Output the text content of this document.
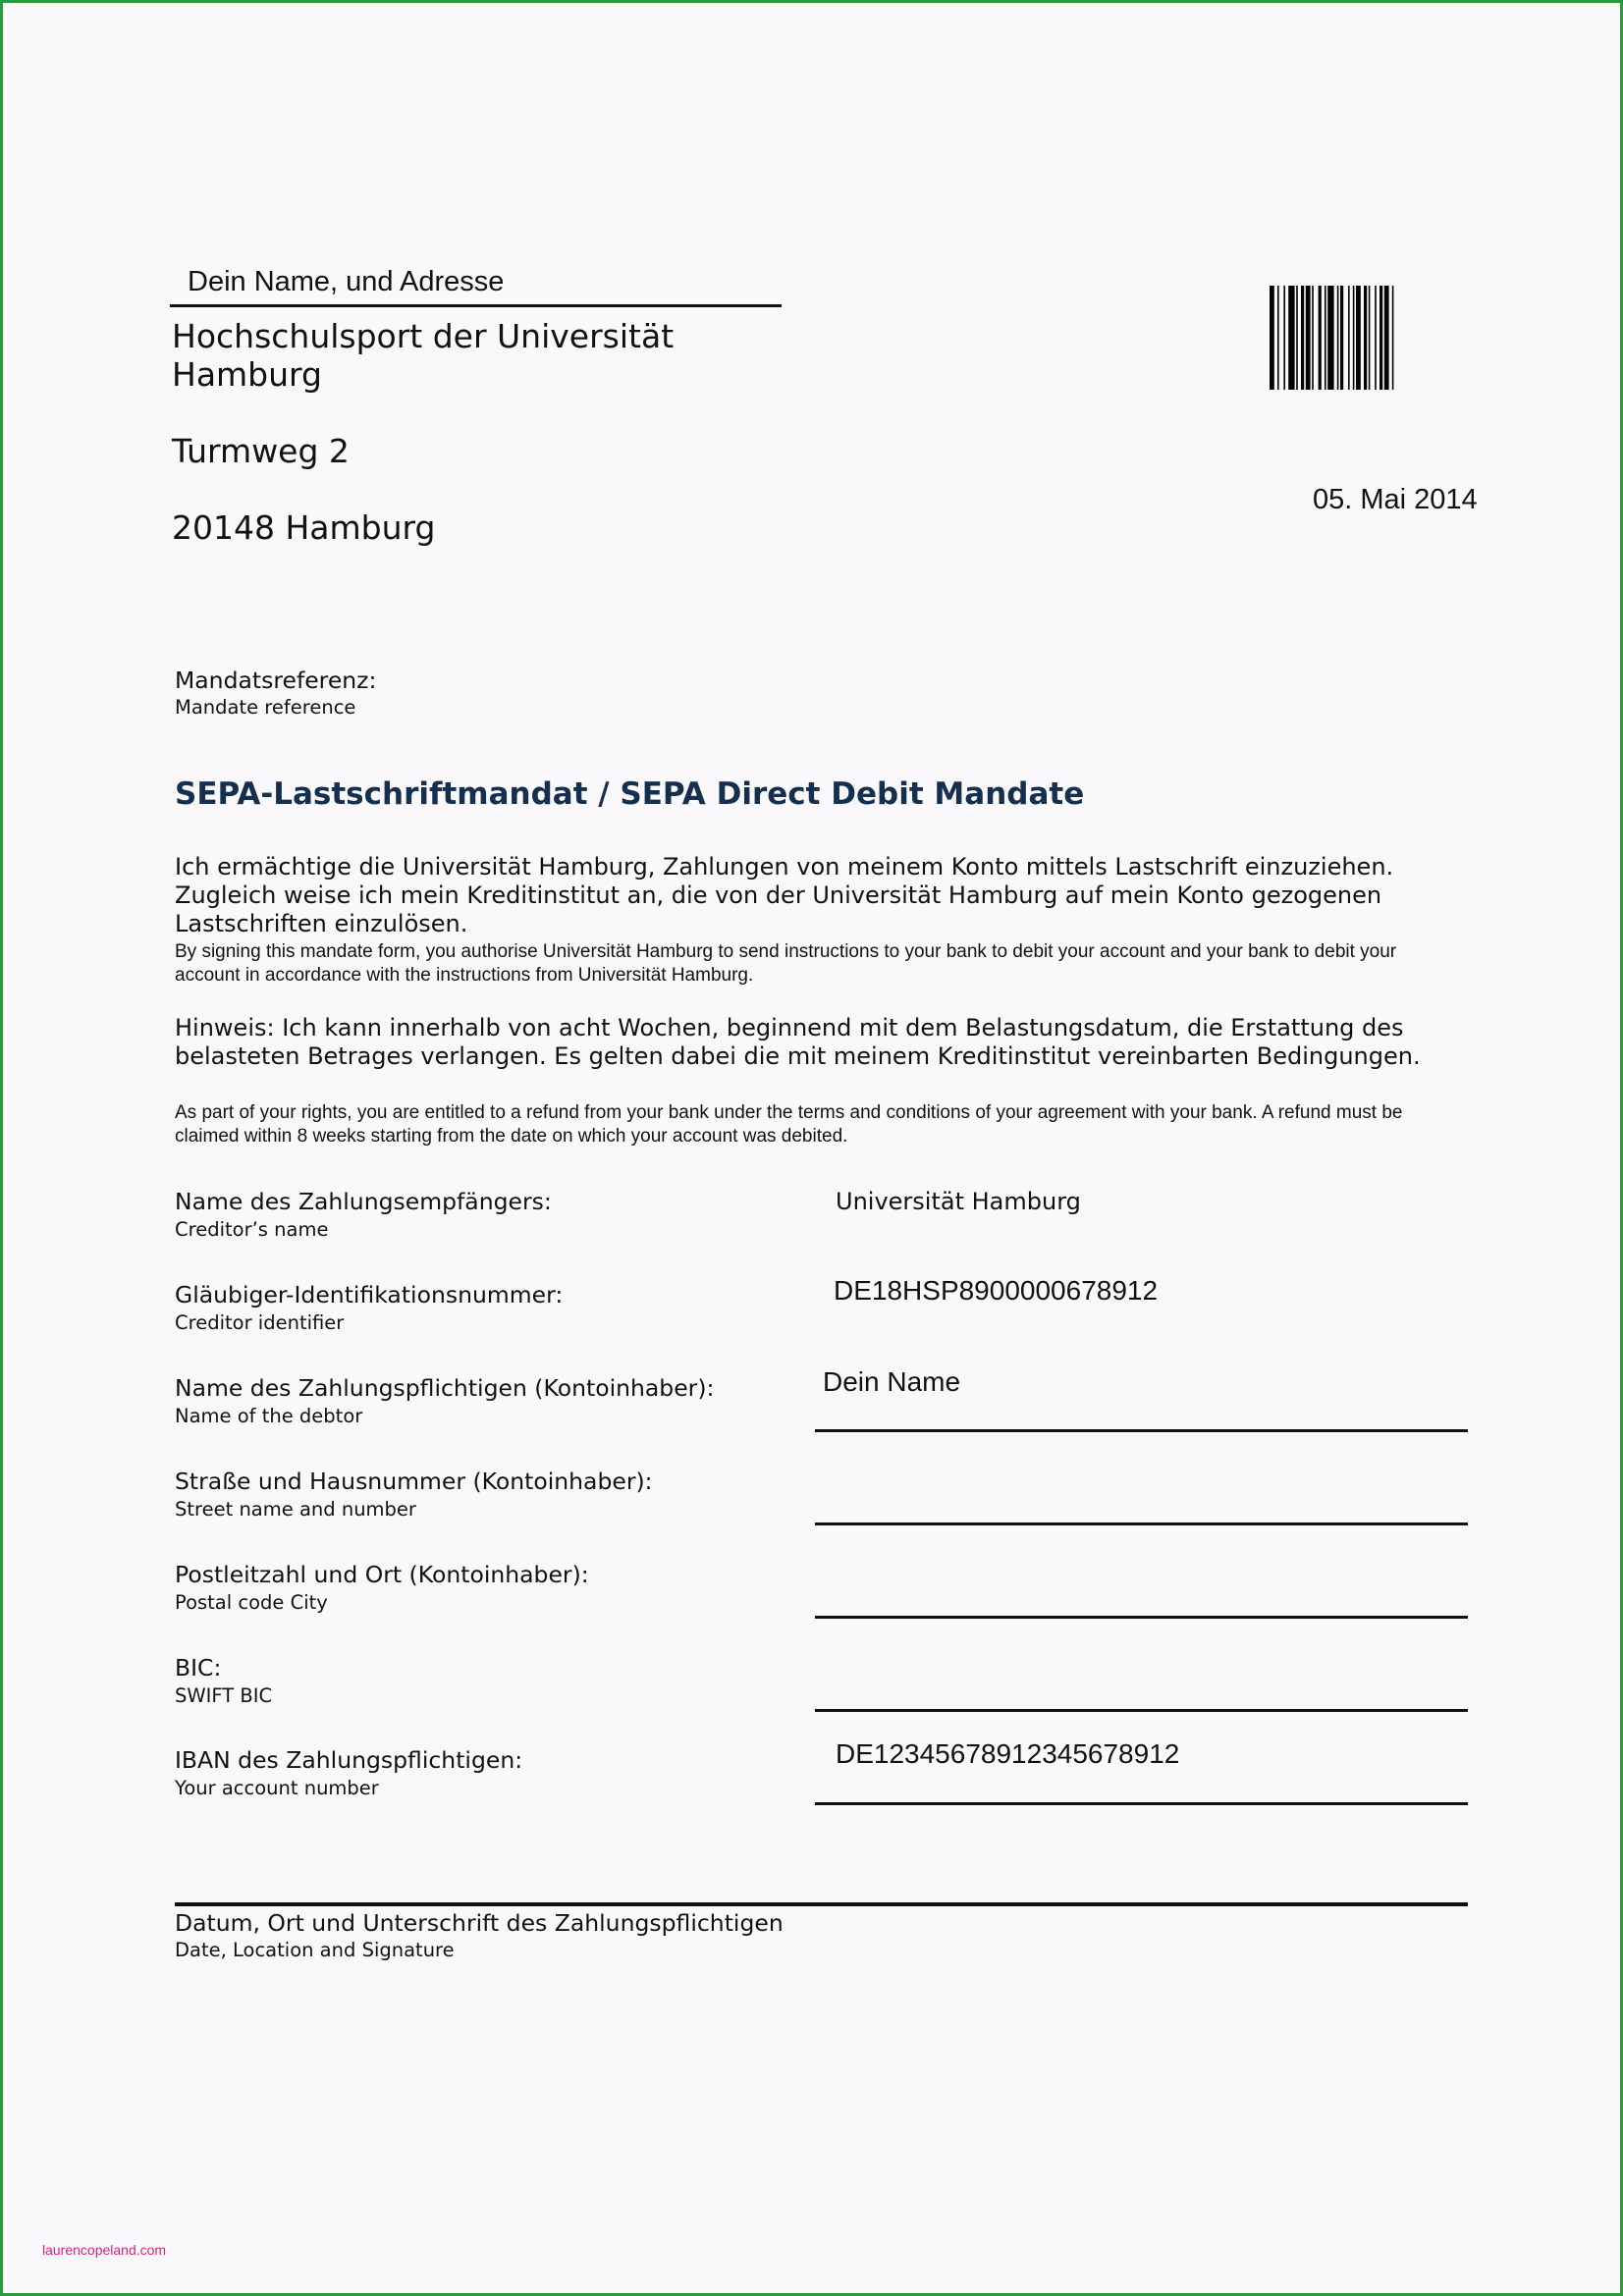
Dein Name, und Adresse
Hochschulsport der Universität
Hamburg
Turmweg 2
20148 Hamburg
05. Mai 2014
Mandatsreferenz:
Mandate reference
SEPA-Lastschriftmandat / SEPA Direct Debit Mandate
Ich ermächtige die Universität Hamburg, Zahlungen von meinem Konto mittels Lastschrift einzuziehen. Zugleich weise ich mein Kreditinstitut an, die von der Universität Hamburg auf mein Konto gezogenen Lastschriften einzulösen.
By signing this mandate form, you authorise Universität Hamburg to send instructions to your bank to debit your account and your bank to debit your account in accordance with the instructions from Universität Hamburg.
Hinweis: Ich kann innerhalb von acht Wochen, beginnend mit dem Belastungsdatum, die Erstattung des belasteten Betrages verlangen. Es gelten dabei die mit meinem Kreditinstitut vereinbarten Bedingungen.
As part of your rights, you are entitled to a refund from your bank under the terms and conditions of your agreement with your bank. A refund must be claimed within 8 weeks starting from the date on which your account was debited.
Name des Zahlungsempfängers:
Creditor’s name
Universität Hamburg
Gläubiger-Identifikationsnummer:
Creditor identifier
DE18HSP8900000678912
Name des Zahlungspflichtigen (Kontoinhaber):
Name of the debtor
Dein Name
Straße und Hausnummer (Kontoinhaber):
Street name and number
Postleitzahl und Ort (Kontoinhaber):
Postal code City
BIC:
SWIFT BIC
IBAN des Zahlungspflichtigen:
Your account number
DE12345678912345678912
Datum, Ort und Unterschrift des Zahlungspflichtigen
Date, Location and Signature
laurencopeland.com
